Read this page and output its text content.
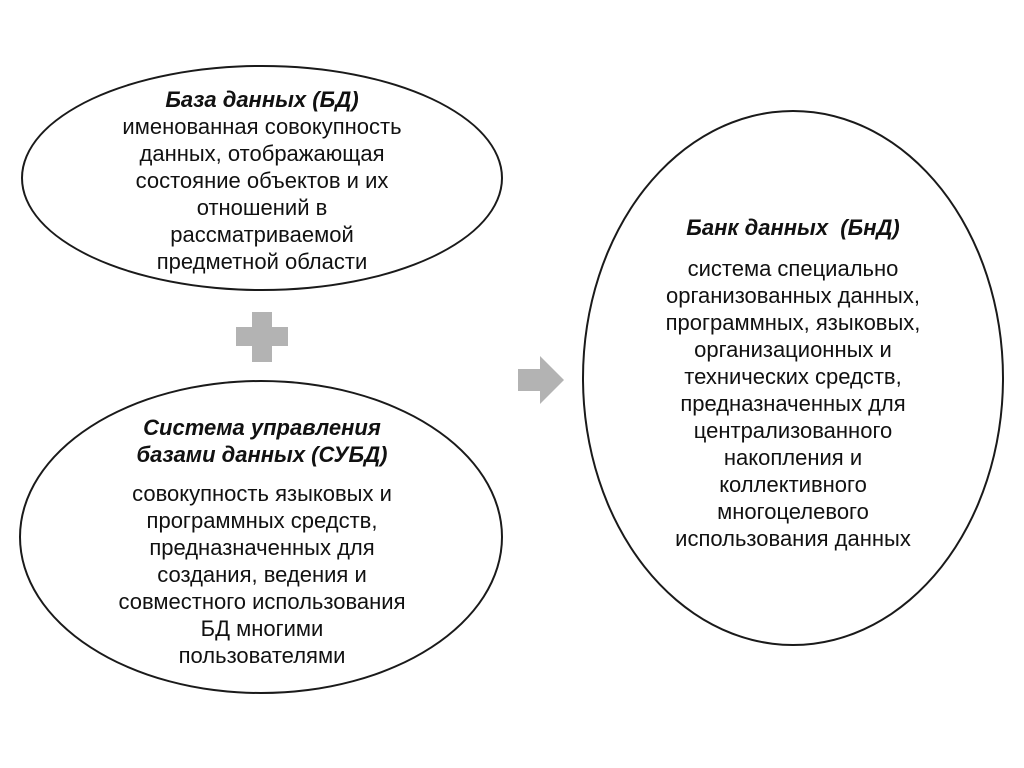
База данных (БД)
именованная совокупность
данных, отображающая
состояние объектов и их
отношений в
рассматриваемой
предметной области
Система управления
базами данных (СУБД)
совокупность языковых и
программных средств,
предназначенных для
создания, ведения и
совместного использования
БД многими
пользователями
Банк данных  (БнД)
система специально
организованных данных,
программных, языковых,
организационных и
технических средств,
предназначенных для
централизованного
накопления и
коллективного
многоцелевого
использования данных
